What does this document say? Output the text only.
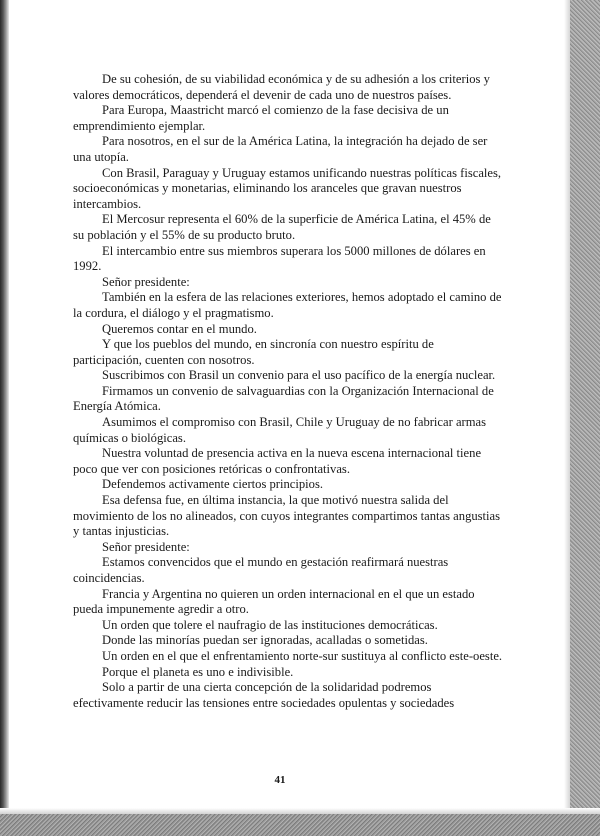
De su cohesión, de su viabilidad económica y de su adhesión a los criterios y valores democráticos, dependerá el devenir de cada uno de nuestros países.

Para Europa, Maastricht marcó el comienzo de la fase decisiva de un emprendimiento ejemplar.

Para nosotros, en el sur de la América Latina, la integración ha dejado de ser una utopía.

Con Brasil, Paraguay y Uruguay estamos unificando nuestras políticas fiscales, socioeconómicas y monetarias, eliminando los aranceles que gravan nuestros intercambios.

El Mercosur representa el 60% de la superficie de América Latina, el 45% de su población y el 55% de su producto bruto.

El intercambio entre sus miembros superara los 5000 millones de dólares en 1992.

Señor presidente:

También en la esfera de las relaciones exteriores, hemos adoptado el camino de la cordura, el diálogo y el pragmatismo.

Queremos contar en el mundo.

Y que los pueblos del mundo, en sincronía con nuestro espíritu de participación, cuenten con nosotros.

Suscribimos con Brasil un convenio para el uso pacífico de la energía nuclear.

Firmamos un convenio de salvaguardias con la Organización Internacional de Energía Atómica.

Asumimos el compromiso con Brasil, Chile y Uruguay de no fabricar armas químicas o biológicas.

Nuestra voluntad de presencia activa en la nueva escena internacional tiene poco que ver con posiciones retóricas o confrontativas.

Defendemos activamente ciertos principios.

Esa defensa fue, en última instancia, la que motivó nuestra salida del movimiento de los no alineados, con cuyos integrantes compartimos tantas angustias y tantas injusticias.

Señor presidente:

Estamos convencidos que el mundo en gestación reafirmará nuestras coincidencias.

Francia y Argentina no quieren un orden internacional en el que un estado pueda impunemente agredir a otro.

Un orden que tolere el naufragio de las instituciones democráticas.

Donde las minorías puedan ser ignoradas, acalladas o sometidas.

Un orden en el que el enfrentamiento norte-sur sustituya al conflicto este-oeste.

Porque el planeta es uno e indivisible.

Solo a partir de una cierta concepción de la solidaridad podremos efectivamente reducir las tensiones entre sociedades opulentas y sociedades

41
